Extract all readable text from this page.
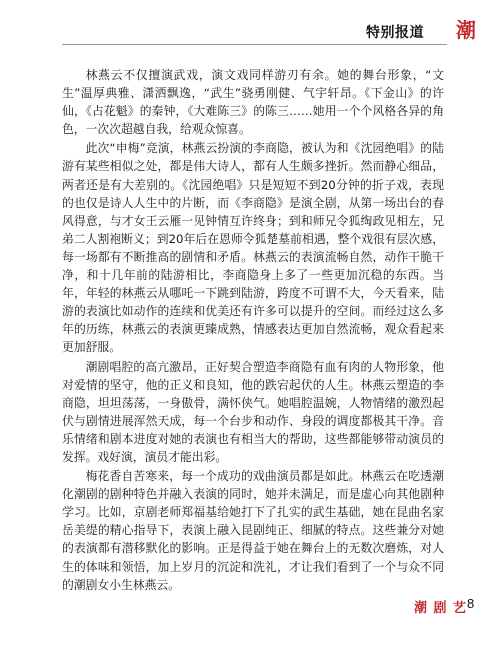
特别报道 潮

林燕云不仅擅演武戏，演文戏同样游刃有余。她的舞台形象，“文生”温厚典雅、潇洒飘逸，“武生”骁勇刚健、气宇轩昂。《下金山》的许仙，《占花魁》的秦钟，《大难陈三》的陈三……她用一个个风格各异的角色，一次次超越自我，给观众惊喜。

此次“申梅”竞演，林燕云扮演的李商隐，被认为和《沈园绝唱》的陆游有某些相似之处，都是伟大诗人，都有人生颇多挫折。然而静心细品，两者还是有大差别的。《沈园绝唱》只是短短不到20分钟的折子戏，表现的也仅是诗人人生中的片断，而《李商隐》是演全剧，从第一场出台的春风得意，与才女王云雁一见钟情互许终身；到和师兄令狐绹政见相左，兄弟二人割袍断义；到20年后在恩师令狐楚墓前相遇，整个戏很有层次感，每一场都有不断推高的剧情和矛盾。林燕云的表演流畅自然，动作干脆干净，和十几年前的陆游相比，李商隐身上多了一些更加沉稳的东西。当年，年轻的林燕云从哪吒一下跳到陆游，跨度不可谓不大，今天看来，陆游的表演比如动作的连续和优美还有许多可以提升的空间。而经过这么多年的历练，林燕云的表演更臻成熟，情感表达更加自然流畅，观众看起来更加舒服。

潮剧唱腔的高亢激昂，正好契合塑造李商隐有血有肉的人物形象，他对爱情的坚守，他的正义和良知，他的跌宕起伏的人生。林燕云塑造的李商隐，坦坦荡荡，一身傲骨，满怀侠气。她唱腔温婉，人物情绪的激烈起伏与剧情进展浑然天成，每一个台步和动作、身段的调度都极其干净。音乐情绪和剧本进度对她的表演也有相当大的帮助，这些都能够带动演员的发挥。戏好演，演员才能出彩。

梅花香自苦寒来，每一个成功的戏曲演员都是如此。林燕云在吃透潮化潮剧的剧种特色并融入表演的同时，她并未满足，而是虚心向其他剧种学习。比如，京剧老师郑福基给她打下了扎实的武生基础，她在昆曲名家岳美缇的精心指导下，表演上融入昆剧纯正、细腻的特点。这些兼分对她的表演都有潜移默化的影响。正是得益于她在舞台上的无数次磨炼，对人生的体味和领悟，加上岁月的沉淀和洗礼，才让我们看到了一个与众不同的潮剧女小生林燕云。

潮 剧 艺 8
